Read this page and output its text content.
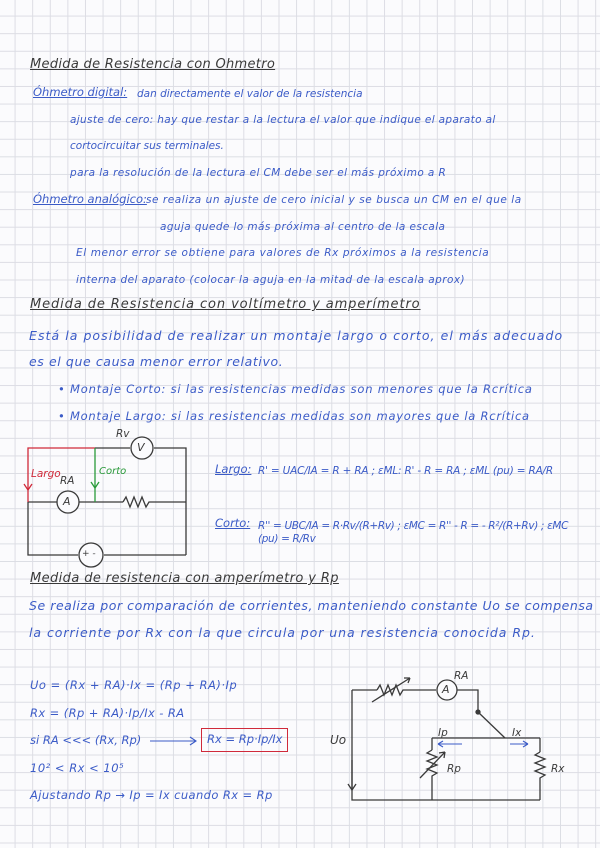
Medida de Resistencia con Ohmetro
Óhmetro digital: dan directamente el valor de la resistencia
ajuste de cero: hay que restar a la lectura el valor que indique el aparato al
cortocircuitar sus terminales.
para la resolución de la lectura el CM debe ser el más próximo a R
Óhmetro analógico: se realiza un ajuste de cero inicial y se busca un CM en el que la
aguja quede lo más próxima al centro de la escala
El menor error se obtiene para valores de Rx próximos a la resistencia
interna del aparato (colocar la aguja en la mitad de la escala aprox)
Medida de Resistencia con voltímetro y amperímetro
Está la posibilidad de realizar un montaje largo o corto, el más adecuado
es el que causa menor error relativo.
• Montaje Corto: si las resistencias medidas son menores que la Rcrítica
• Montaje Largo: si las resistencias medidas son mayores que la Rcrítica
V
Rv
A
RA
Largo	Corto
+ -
Largo: R' = UAC/IA = R + RA ; εML: R' - R = RA ; εML (pu) = RA/R
Corto: R'' = UBC/IA = R·Rv/(R+Rv) ; εMC = R'' - R = - R²/(R+Rv) ; εMC (pu) = R/Rv
Medida de resistencia con amperímetro y Rp
Se realiza por comparación de corrientes, manteniendo constante Uo se compensa
la corriente por Rx con la que circula por una resistencia conocida Rp.
Uo = (Rx + RA)·Ix = (Rp + RA)·Ip
Rx = (Rp + RA)·Ip/Ix - RA
si RA <<< (Rx, Rp)	Rx = Rp·Ip/Ix
10² < Rx < 10⁵
Ajustando Rp → Ip = Ix cuando Rx = Rp
A
RA
Uo	Ip	Ix
Rp	Rx
